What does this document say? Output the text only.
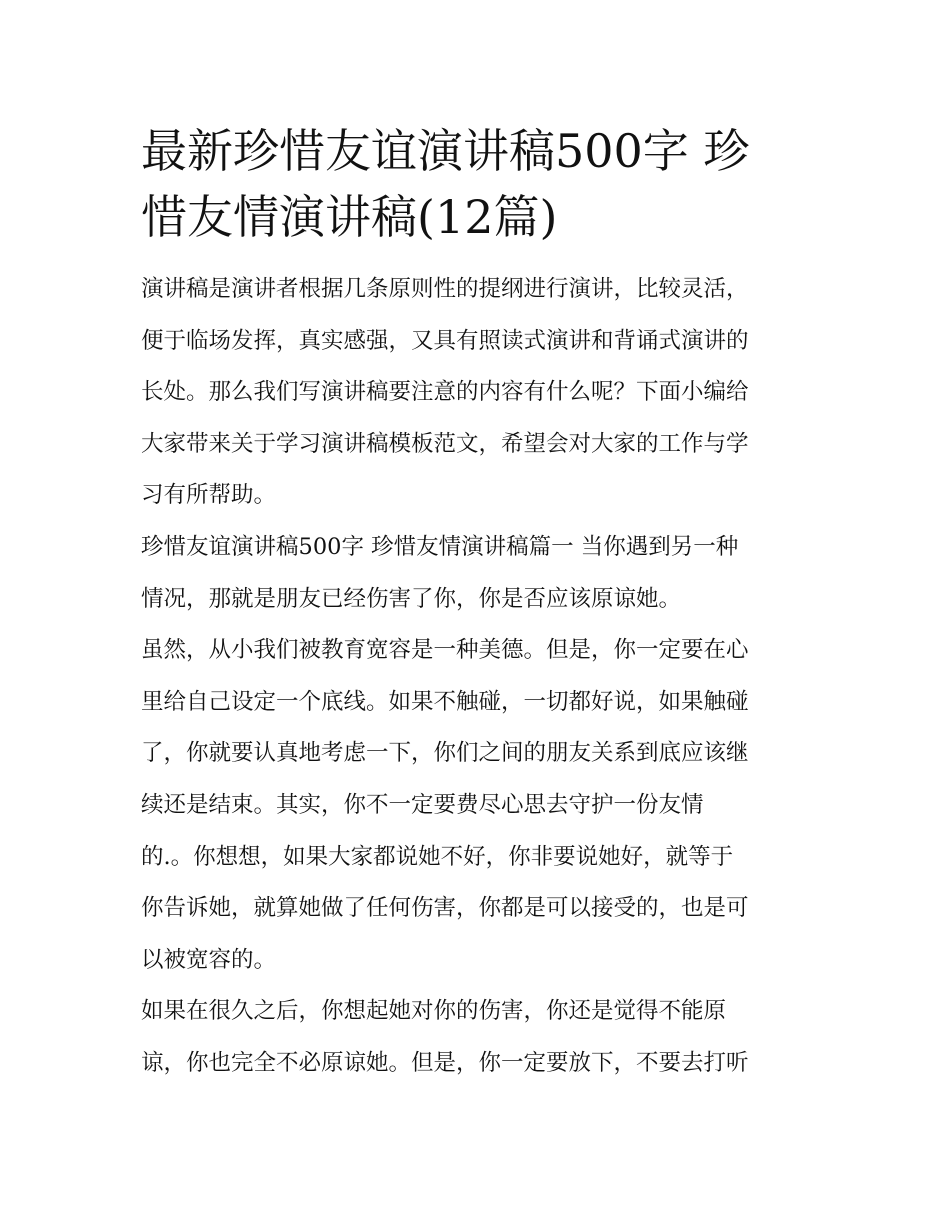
最新珍惜友谊演讲稿500字 珍
惜友情演讲稿(12篇)
演讲稿是演讲者根据几条原则性的提纲进行演讲，比较灵活，
便于临场发挥，真实感强，又具有照读式演讲和背诵式演讲的
长处。那么我们写演讲稿要注意的内容有什么呢？下面小编给
大家带来关于学习演讲稿模板范文，希望会对大家的工作与学
习有所帮助。
珍惜友谊演讲稿500字 珍惜友情演讲稿篇一 当你遇到另一种
情况，那就是朋友已经伤害了你，你是否应该原谅她。
虽然，从小我们被教育宽容是一种美德。但是，你一定要在心
里给自己设定一个底线。如果不触碰，一切都好说，如果触碰
了，你就要认真地考虑一下，你们之间的朋友关系到底应该继
续还是结束。其实，你不一定要费尽心思去守护一份友情
的.。你想想，如果大家都说她不好，你非要说她好，就等于
你告诉她，就算她做了任何伤害，你都是可以接受的，也是可
以被宽容的。
如果在很久之后，你想起她对你的伤害，你还是觉得不能原
谅，你也完全不必原谅她。但是，你一定要放下，不要去打听
